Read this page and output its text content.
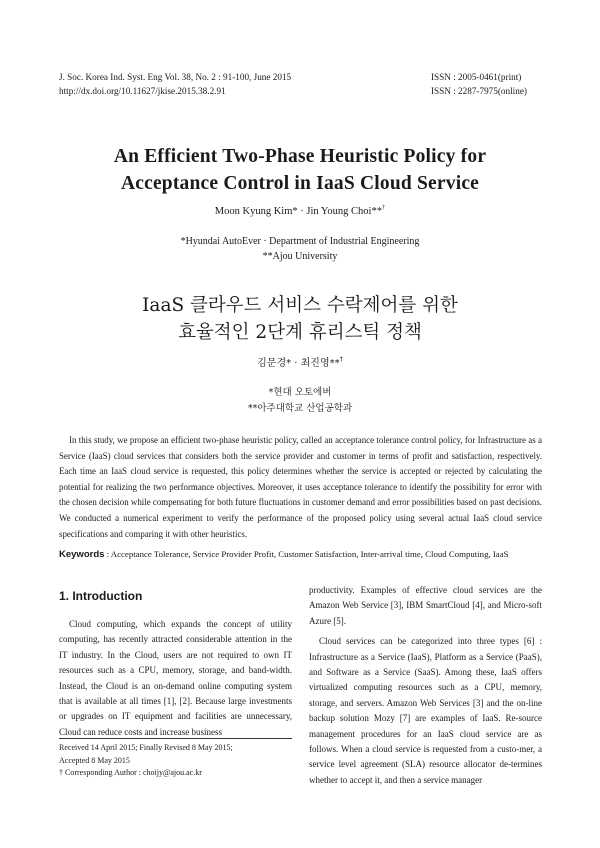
J. Soc. Korea Ind. Syst. Eng Vol. 38, No. 2 : 91-100, June 2015
http://dx.doi.org/10.11627/jkise.2015.38.2.91
ISSN : 2005-0461(print)
ISSN : 2287-7975(online)
An Efficient Two-Phase Heuristic Policy for
Acceptance Control in IaaS Cloud Service
Moon Kyung Kim* · Jin Young Choi**†
*Hyundai AutoEver · Department of Industrial Engineering
**Ajou University
IaaS 클라우드 서비스 수락제어를 위한
효율적인 2단계 휴리스틱 정책
김문경* · 최진영**†
*현대 오토에버
**아주대학교 산업공학과
In this study, we propose an efficient two-phase heuristic policy, called an acceptance tolerance control policy, for Infrastructure as a Service (IaaS) cloud services that considers both the service provider and customer in terms of profit and satisfaction, respectively. Each time an IaaS cloud service is requested, this policy determines whether the service is accepted or rejected by calculating the potential for realizing the two performance objectives. Moreover, it uses acceptance tolerance to identify the possibility for error with the chosen decision while compensating for both future fluctuations in customer demand and error possibilities based on past decisions. We conducted a numerical experiment to verify the performance of the proposed policy using several actual IaaS cloud service specifications and comparing it with other heuristics.
Keywords : Acceptance Tolerance, Service Provider Profit, Customer Satisfaction, Inter-arrival time, Cloud Computing, IaaS
1. Introduction

Cloud computing, which expands the concept of utility computing, has recently attracted considerable attention in the IT industry. In the Cloud, users are not required to own IT resources such as a CPU, memory, storage, and band-width. Instead, the Cloud is an on-demand online computing system that is available at all times [1], [2]. Because large investments or upgrades on IT equipment and facilities are unnecessary, Cloud can reduce costs and increase business

productivity. Examples of effective cloud services are the Amazon Web Service [3], IBM SmartCloud [4], and Micro-soft Azure [5].

Cloud services can be categorized into three types [6] : Infrastructure as a Service (IaaS), Platform as a Service (PaaS), and Software as a Service (SaaS). Among these, IaaS offers virtualized computing resources such as a CPU, memory, storage, and servers. Amazon Web Services [3] and the on-line backup solution Mozy [7] are examples of IaaS. Re-source management procedures for an IaaS cloud service are as follows. When a cloud service is requested from a custo-mer, a service level agreement (SLA) resource allocator de-termines whether to accept it, and then a service manager

Received 14 April 2015; Finally Revised 8 May 2015;
Accepted 8 May 2015
† Corresponding Author : choijy@ajou.ac.kr
